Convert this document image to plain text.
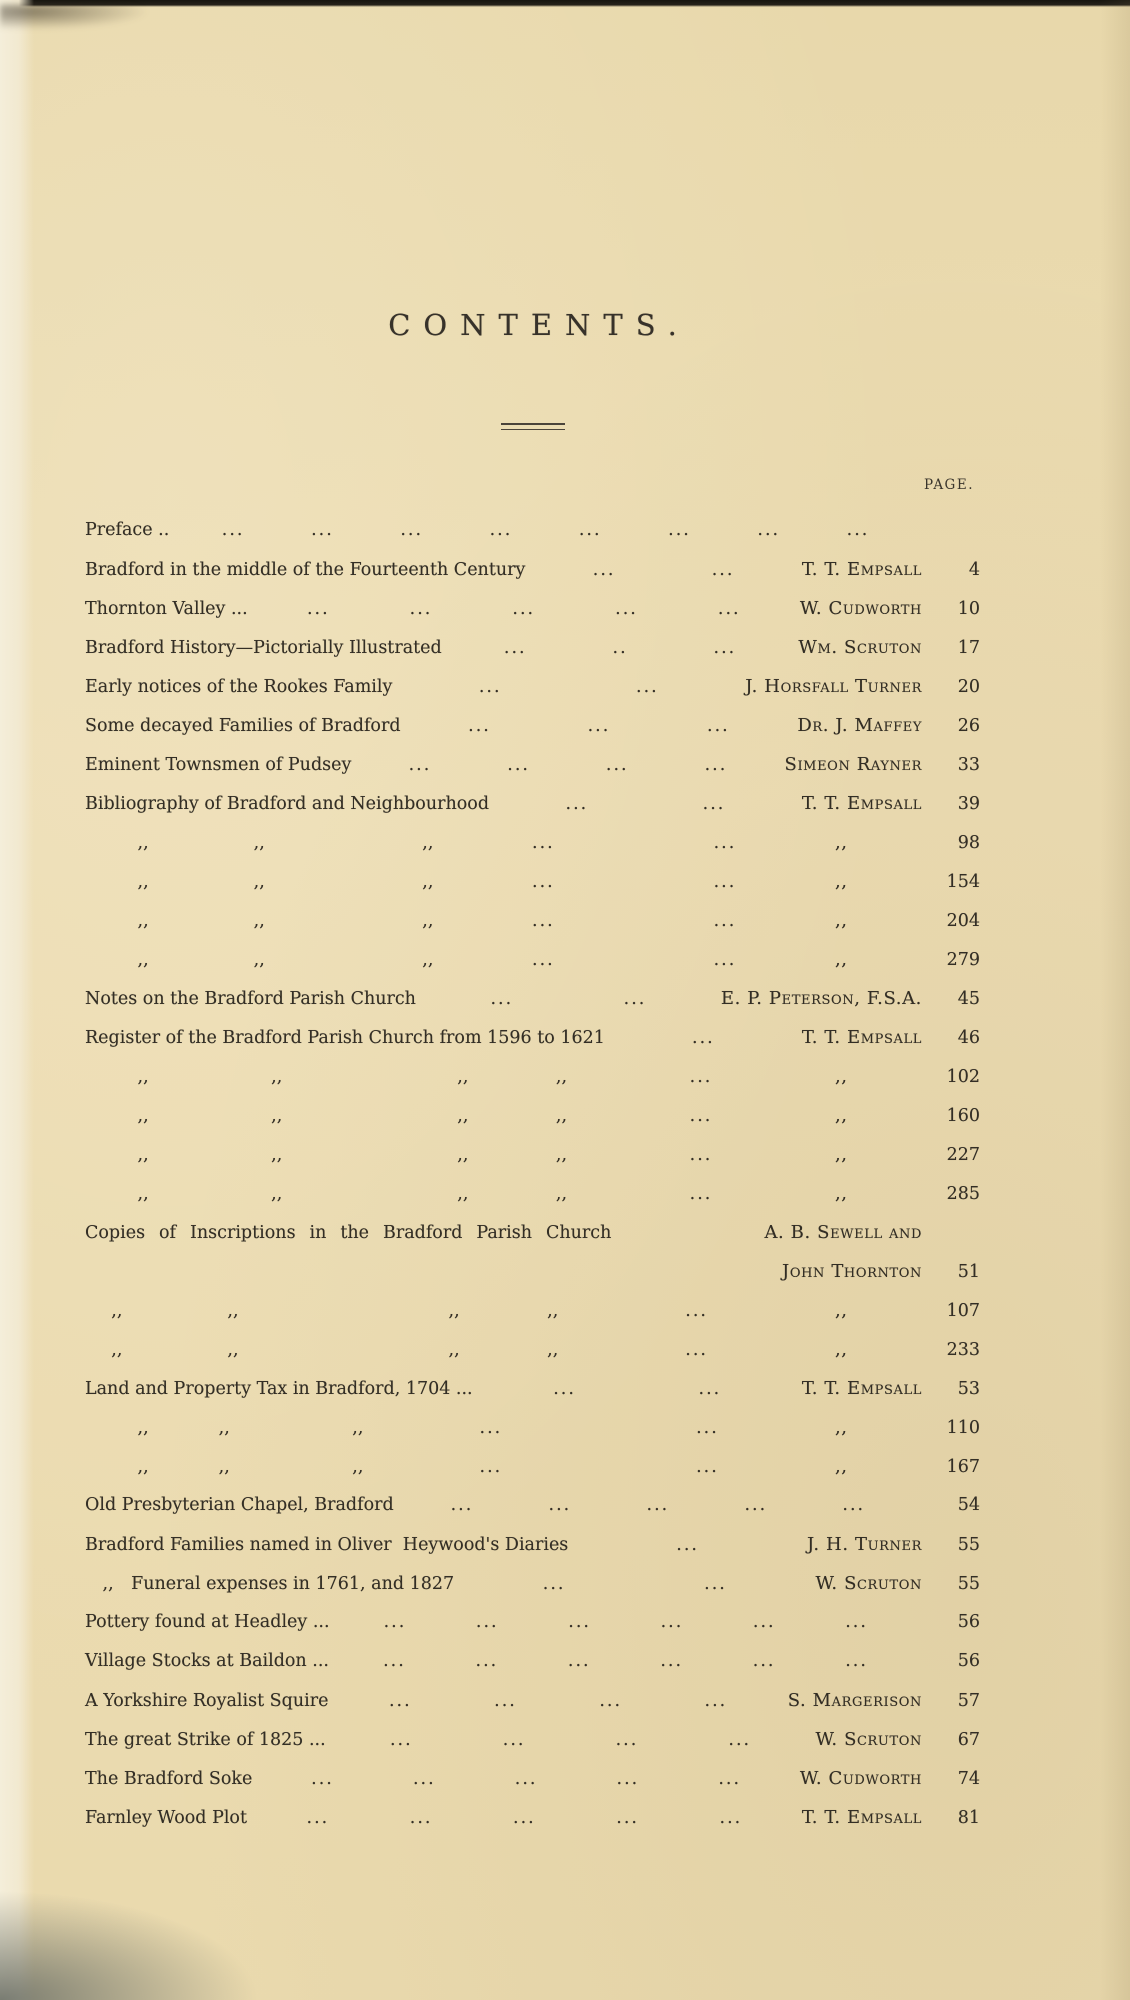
CONTENTS.
PAGE.
Preface ..	...	...	...	...	...	...	...	...
Bradford in the middle of the Fourteenth Century	...	...	T. T. Empsall	4
Thornton Valley ...	...	...	...	...	...	W. Cudworth	10
Bradford History—Pictorially Illustrated	...	..	...	Wm. Scruton	17
Early notices of the Rookes Family	...	...	J. Horsfall Turner	20
Some decayed Families of Bradford	...	...	...	Dr. J. Maffey	26
Eminent Townsmen of Pudsey	...	...	...	...	Simeon Rayner	33
Bibliography of Bradford and Neighbourhood	...	...	T. T. Empsall	39
   ,,      ,,         ,,	...	...	,,    	98
   ,,      ,,         ,,	...	...	,,    	154
   ,,      ,,         ,,	...	...	,,    	204
   ,,      ,,         ,,	...	...	,,    	279
Notes on the Bradford Parish Church	...	...	E. P. Peterson, F.S.A.	45
Register of the Bradford Parish Church from 1596 to 1621	...	T. T. Empsall	46
   ,,       ,,          ,,     ,,	...	,,    	102
   ,,       ,,          ,,     ,,	...	,,    	160
   ,,       ,,          ,,     ,,	...	,,    	227
   ,,       ,,          ,,     ,,	...	,,    	285
Copies of Inscriptions in the Bradford Parish Church	A. B. Sewell and
John Thornton	51
  ,,      ,,            ,,     ,,	...	,,    	107
  ,,      ,,            ,,     ,,	...	,,    	233
Land and Property Tax in Bradford, 1704 ...	...	...	T. T. Empsall	53
   ,,    ,,       ,,	...	...	,,    	110
   ,,    ,,       ,,	...	...	,,    	167
Old Presbyterian Chapel, Bradford	...	...	...	...	...	54
Bradford Families named in Oliver  Heywood's Diaries	...	J. H. Turner	55
 ,,  Funeral expenses in 1761, and 1827	...	...	W. Scruton	55
Pottery found at Headley ...	...	...	...	...	...	...	56
Village Stocks at Baildon ...	...	...	...	...	...	...	56
A Yorkshire Royalist Squire	...	...	...	...	S. Margerison	57
The great Strike of 1825 ...	...	...	...	...	W. Scruton	67
The Bradford Soke	...	...	...	...	...	W. Cudworth	74
Farnley Wood Plot	...	...	...	...	...	T. T. Empsall	81
